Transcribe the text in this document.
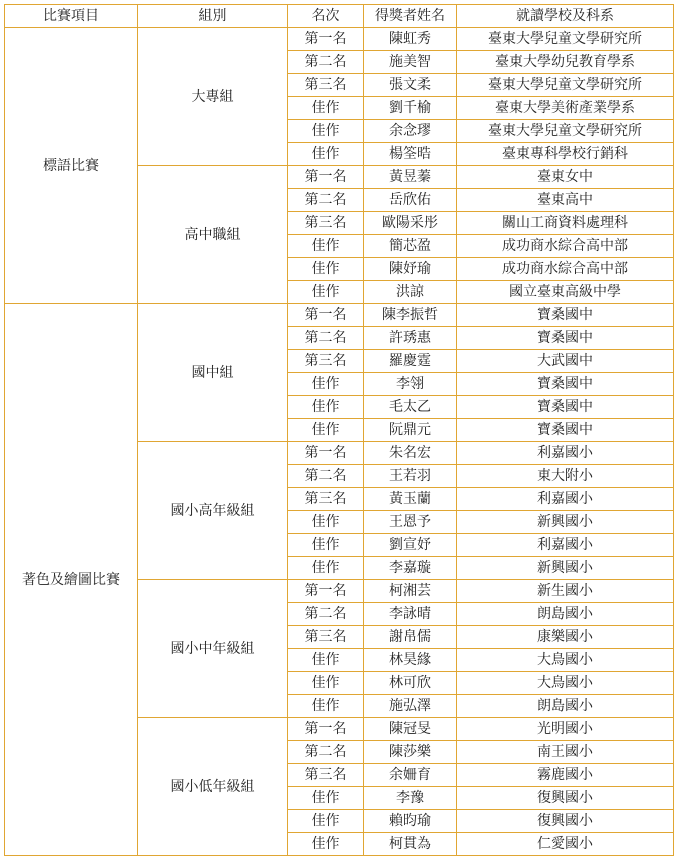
比賽項目	組別	名次	得獎者姓名	就讀學校及科系
標語比賽	大專組	第一名	陳虹秀	臺東大學兒童文學研究所
		第二名	施美智	臺東大學幼兒教育學系
		第三名	張文柔	臺東大學兒童文學研究所
		佳作	劉千榆	臺東大學美術產業學系
		佳作	余念璆	臺東大學兒童文學研究所
		佳作	楊筌晧	臺東專科學校行銷科
	高中職組	第一名	黃昱蓁	臺東女中
		第二名	岳欣佑	臺東高中
		第三名	歐陽采彤	關山工商資料處理科
		佳作	簡芯盈	成功商水綜合高中部
		佳作	陳妤瑜	成功商水綜合高中部
		佳作	洪諒	國立臺東高級中學
著色及繪圖比賽	國中組	第一名	陳李振哲	寶桑國中
		第二名	許琇惠	寶桑國中
		第三名	羅慶霆	大武國中
		佳作	李翎	寶桑國中
		佳作	毛太乙	寶桑國中
		佳作	阮鼎元	寶桑國中
	國小高年級組	第一名	朱名宏	利嘉國小
		第二名	王若羽	東大附小
		第三名	黃玉蘭	利嘉國小
		佳作	王恩予	新興國小
		佳作	劉宣妤	利嘉國小
		佳作	李嘉璇	新興國小
	國小中年級組	第一名	柯湘芸	新生國小
		第二名	李詠晴	朗島國小
		第三名	謝帛儒	康樂國小
		佳作	林昊緣	大鳥國小
		佳作	林可欣	大鳥國小
		佳作	施弘澤	朗島國小
	國小低年級組	第一名	陳冠旻	光明國小
		第二名	陳莎樂	南王國小
		第三名	余姍育	霧鹿國小
		佳作	李豫	復興國小
		佳作	賴昀瑜	復興國小
		佳作	柯貫為	仁愛國小
